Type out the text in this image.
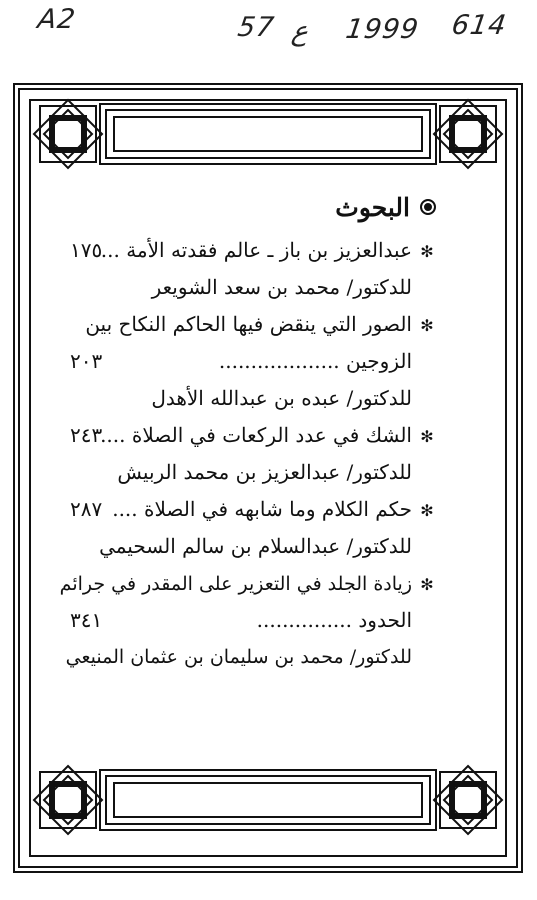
A2	57 ع 1999 614
البحوث
✻عبدالعزيز بن باز ـ عالم فقدته الأمة ...
١٧٥
للدكتور/ محمد بن سعد الشويعر
✻الصور التي ينقض فيها الحاكم النكاح بين
الزوجين ...................
٢٠٣
للدكتور/ عبده بن عبدالله الأهدل
✻الشك في عدد الركعات في الصلاة ....
٢٤٣
للدكتور/ عبدالعزيز بن محمد الربيش
✻حكم الكلام وما شابهه في الصلاة ....
٢٨٧
للدكتور/ عبدالسلام بن سالم السحيمي
✻زيادة الجلد في التعزير على المقدر في جرائم
الحدود ...............
٣٤١
للدكتور/ محمد بن سليمان بن عثمان المنيعي
